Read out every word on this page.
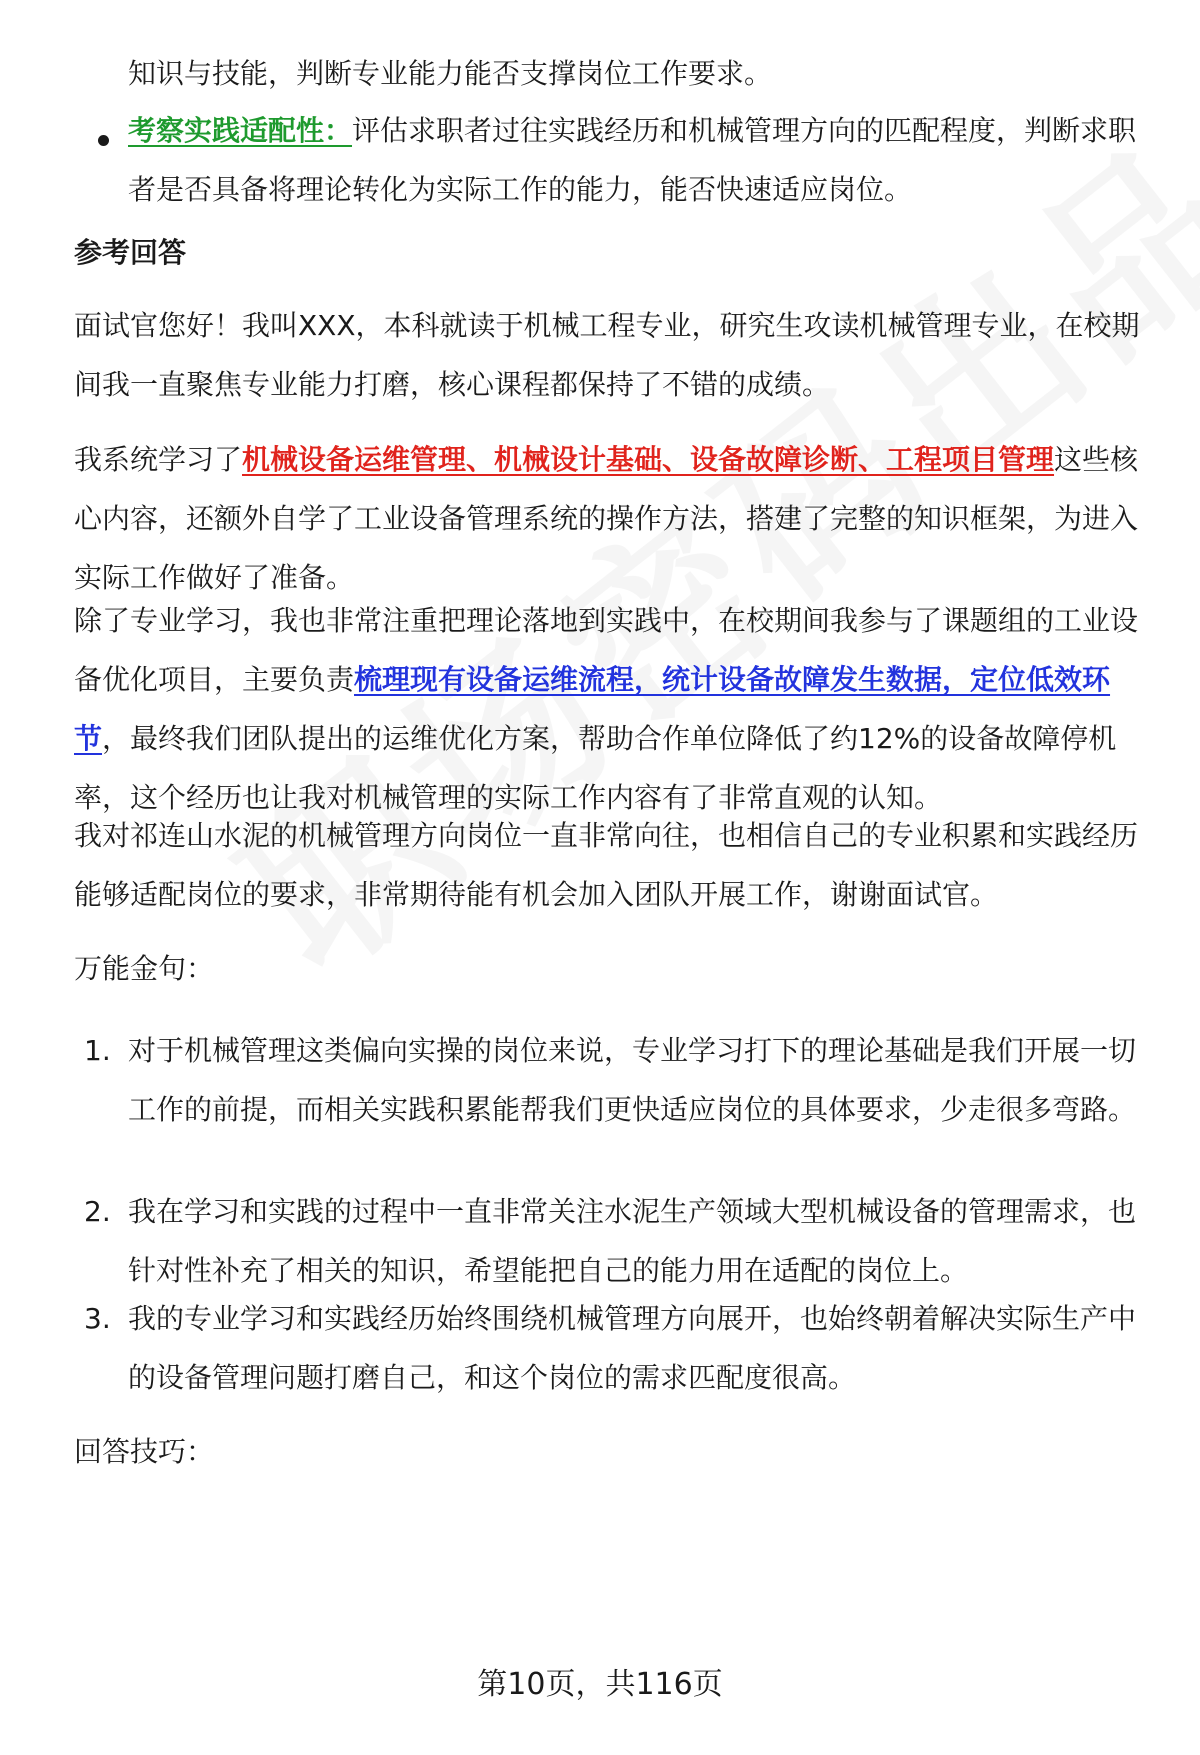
知识与技能，判断专业能力能否支撑岗位工作要求。
考察实践适配性：评估求职者过往实践经历和机械管理方向的匹配程度，判断求职者是否具备将理论转化为实际工作的能力，能否快速适应岗位。
参考回答
面试官您好！我叫XXX，本科就读于机械工程专业，研究生攻读机械管理专业，在校期间我一直聚焦专业能力打磨，核心课程都保持了不错的成绩。
我系统学习了机械设备运维管理、机械设计基础、设备故障诊断、工程项目管理这些核心内容，还额外自学了工业设备管理系统的操作方法，搭建了完整的知识框架，为进入实际工作做好了准备。
除了专业学习，我也非常注重把理论落地到实践中，在校期间我参与了课题组的工业设备优化项目，主要负责梳理现有设备运维流程，统计设备故障发生数据，定位低效环节，最终我们团队提出的运维优化方案，帮助合作单位降低了约12%的设备故障停机率，这个经历也让我对机械管理的实际工作内容有了非常直观的认知。
我对祁连山水泥的机械管理方向岗位一直非常向往，也相信自己的专业积累和实践经历能够适配岗位的要求，非常期待能有机会加入团队开展工作，谢谢面试官。
万能金句：
1. 对于机械管理这类偏向实操的岗位来说，专业学习打下的理论基础是我们开展一切工作的前提，而相关实践积累能帮我们更快适应岗位的具体要求，少走很多弯路。
2. 我在学习和实践的过程中一直非常关注水泥生产领域大型机械设备的管理需求，也针对性补充了相关的知识，希望能把自己的能力用在适配的岗位上。
3. 我的专业学习和实践经历始终围绕机械管理方向展开，也始终朝着解决实际生产中的设备管理问题打磨自己，和这个岗位的需求匹配度很高。
回答技巧：
第10页，共116页
